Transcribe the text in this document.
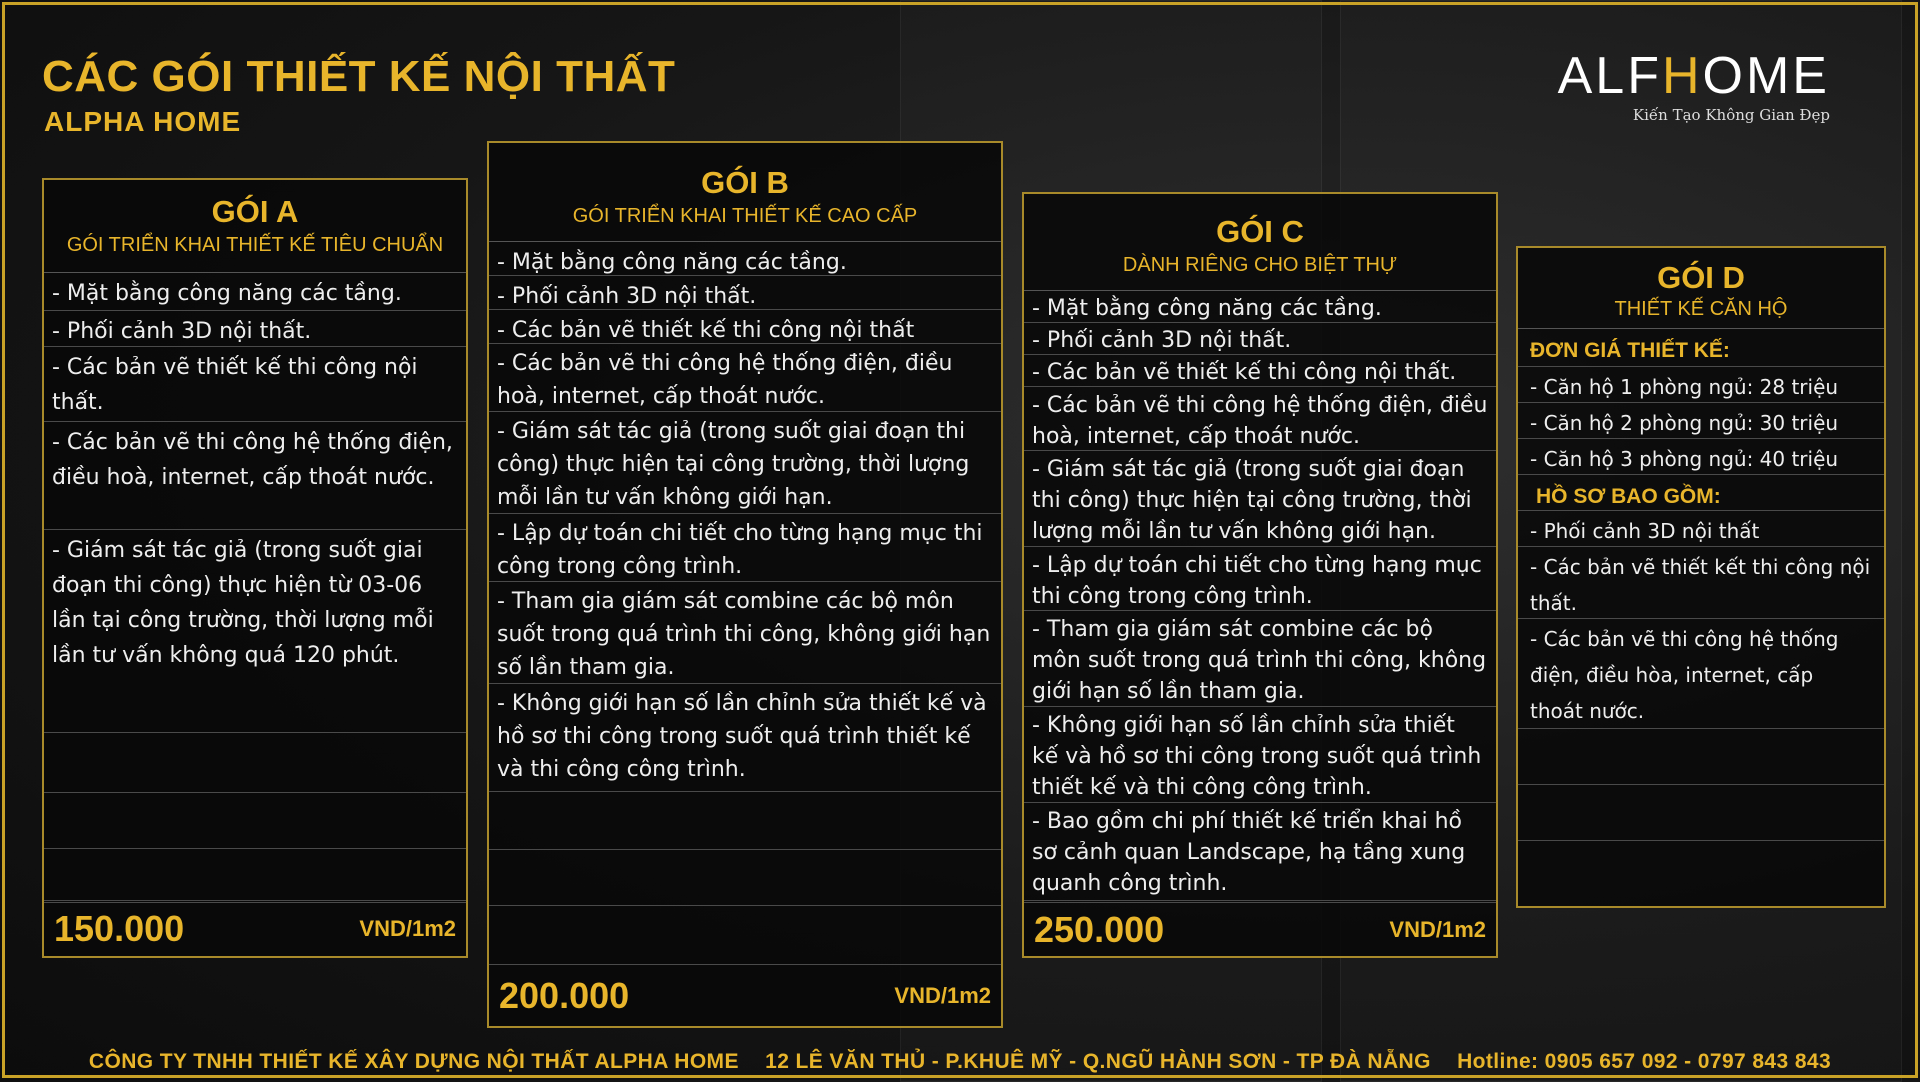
CÁC GÓI THIẾT KẾ NỘI THẤT
ALPHA HOME
ALFHOME
Kiến Tạo Không Gian Đẹp
GÓI A
GÓI TRIỂN KHAI THIẾT KẾ TIÊU CHUẨN
- Mặt bằng công năng các tầng.
- Phối cảnh 3D nội thất.
- Các bản vẽ thiết kế thi công nội thất.
- Các bản vẽ thi công hệ thống điện, điều hoà, internet, cấp thoát nước.
- Giám sát tác giả (trong suốt giai đoạn thi công) thực hiện từ 03-06 lần tại công trường, thời lượng mỗi lần tư vấn không quá 120 phút.
150.000	VND/1m2
GÓI B
GÓI TRIỂN KHAI THIẾT KẾ CAO CẤP
- Mặt bằng công năng các tầng.
- Phối cảnh 3D nội thất.
- Các bản vẽ thiết kế thi công nội thất
- Các bản vẽ thi công hệ thống điện, điều hoà, internet, cấp thoát nước.
- Giám sát tác giả (trong suốt giai đoạn thi công) thực hiện tại công trường, thời lượng mỗi lần tư vấn không giới hạn.
- Lập dự toán chi tiết cho từng hạng mục thi công trong công trình.
- Tham gia giám sát combine các bộ môn suốt trong quá trình thi công, không giới hạn số lần tham gia.
- Không giới hạn số lần chỉnh sửa thiết kế và hồ sơ thi công trong suốt quá trình thiết kế và thi công công trình.
200.000	VND/1m2
GÓI C
DÀNH RIÊNG CHO BIỆT THỰ
- Mặt bằng công năng các tầng.
- Phối cảnh 3D nội thất.
- Các bản vẽ thiết kế thi công nội thất.
- Các bản vẽ thi công hệ thống điện, điều hoà, internet, cấp thoát nước.
- Giám sát tác giả (trong suốt giai đoạn thi công) thực hiện tại công trường, thời lượng mỗi lần tư vấn không giới hạn.
- Lập dự toán chi tiết cho từng hạng mục thi công trong công trình.
- Tham gia giám sát combine các bộ môn suốt trong quá trình thi công, không giới hạn số lần tham gia.
- Không giới hạn số lần chỉnh sửa thiết kế và hồ sơ thi công trong suốt quá trình thiết kế và thi công công trình.
- Bao gồm chi phí thiết kế triển khai hồ sơ cảnh quan Landscape, hạ tầng xung quanh công trình.
250.000	VND/1m2
GÓI D
THIẾT KẾ CĂN HỘ
ĐƠN GIÁ THIẾT KẾ:
- Căn hộ 1 phòng ngủ: 28 triệu
- Căn hộ 2 phòng ngủ: 30 triệu
- Căn hộ 3 phòng ngủ: 40 triệu
HỒ SƠ BAO GỒM:
- Phối cảnh 3D nội thất
- Các bản vẽ thiết kết thi công nội thất.
- Các bản vẽ thi công hệ thống điện, điều hòa, internet, cấp thoát nước.
CÔNG TY TNHH THIẾT KẾ XÂY DỰNG NỘI THẤT ALPHA HOME 12 LÊ VĂN THỦ - P.KHUÊ MỸ - Q.NGŨ HÀNH SƠN - TP ĐÀ NẴNG Hotline: 0905 657 092 - 0797 843 843
